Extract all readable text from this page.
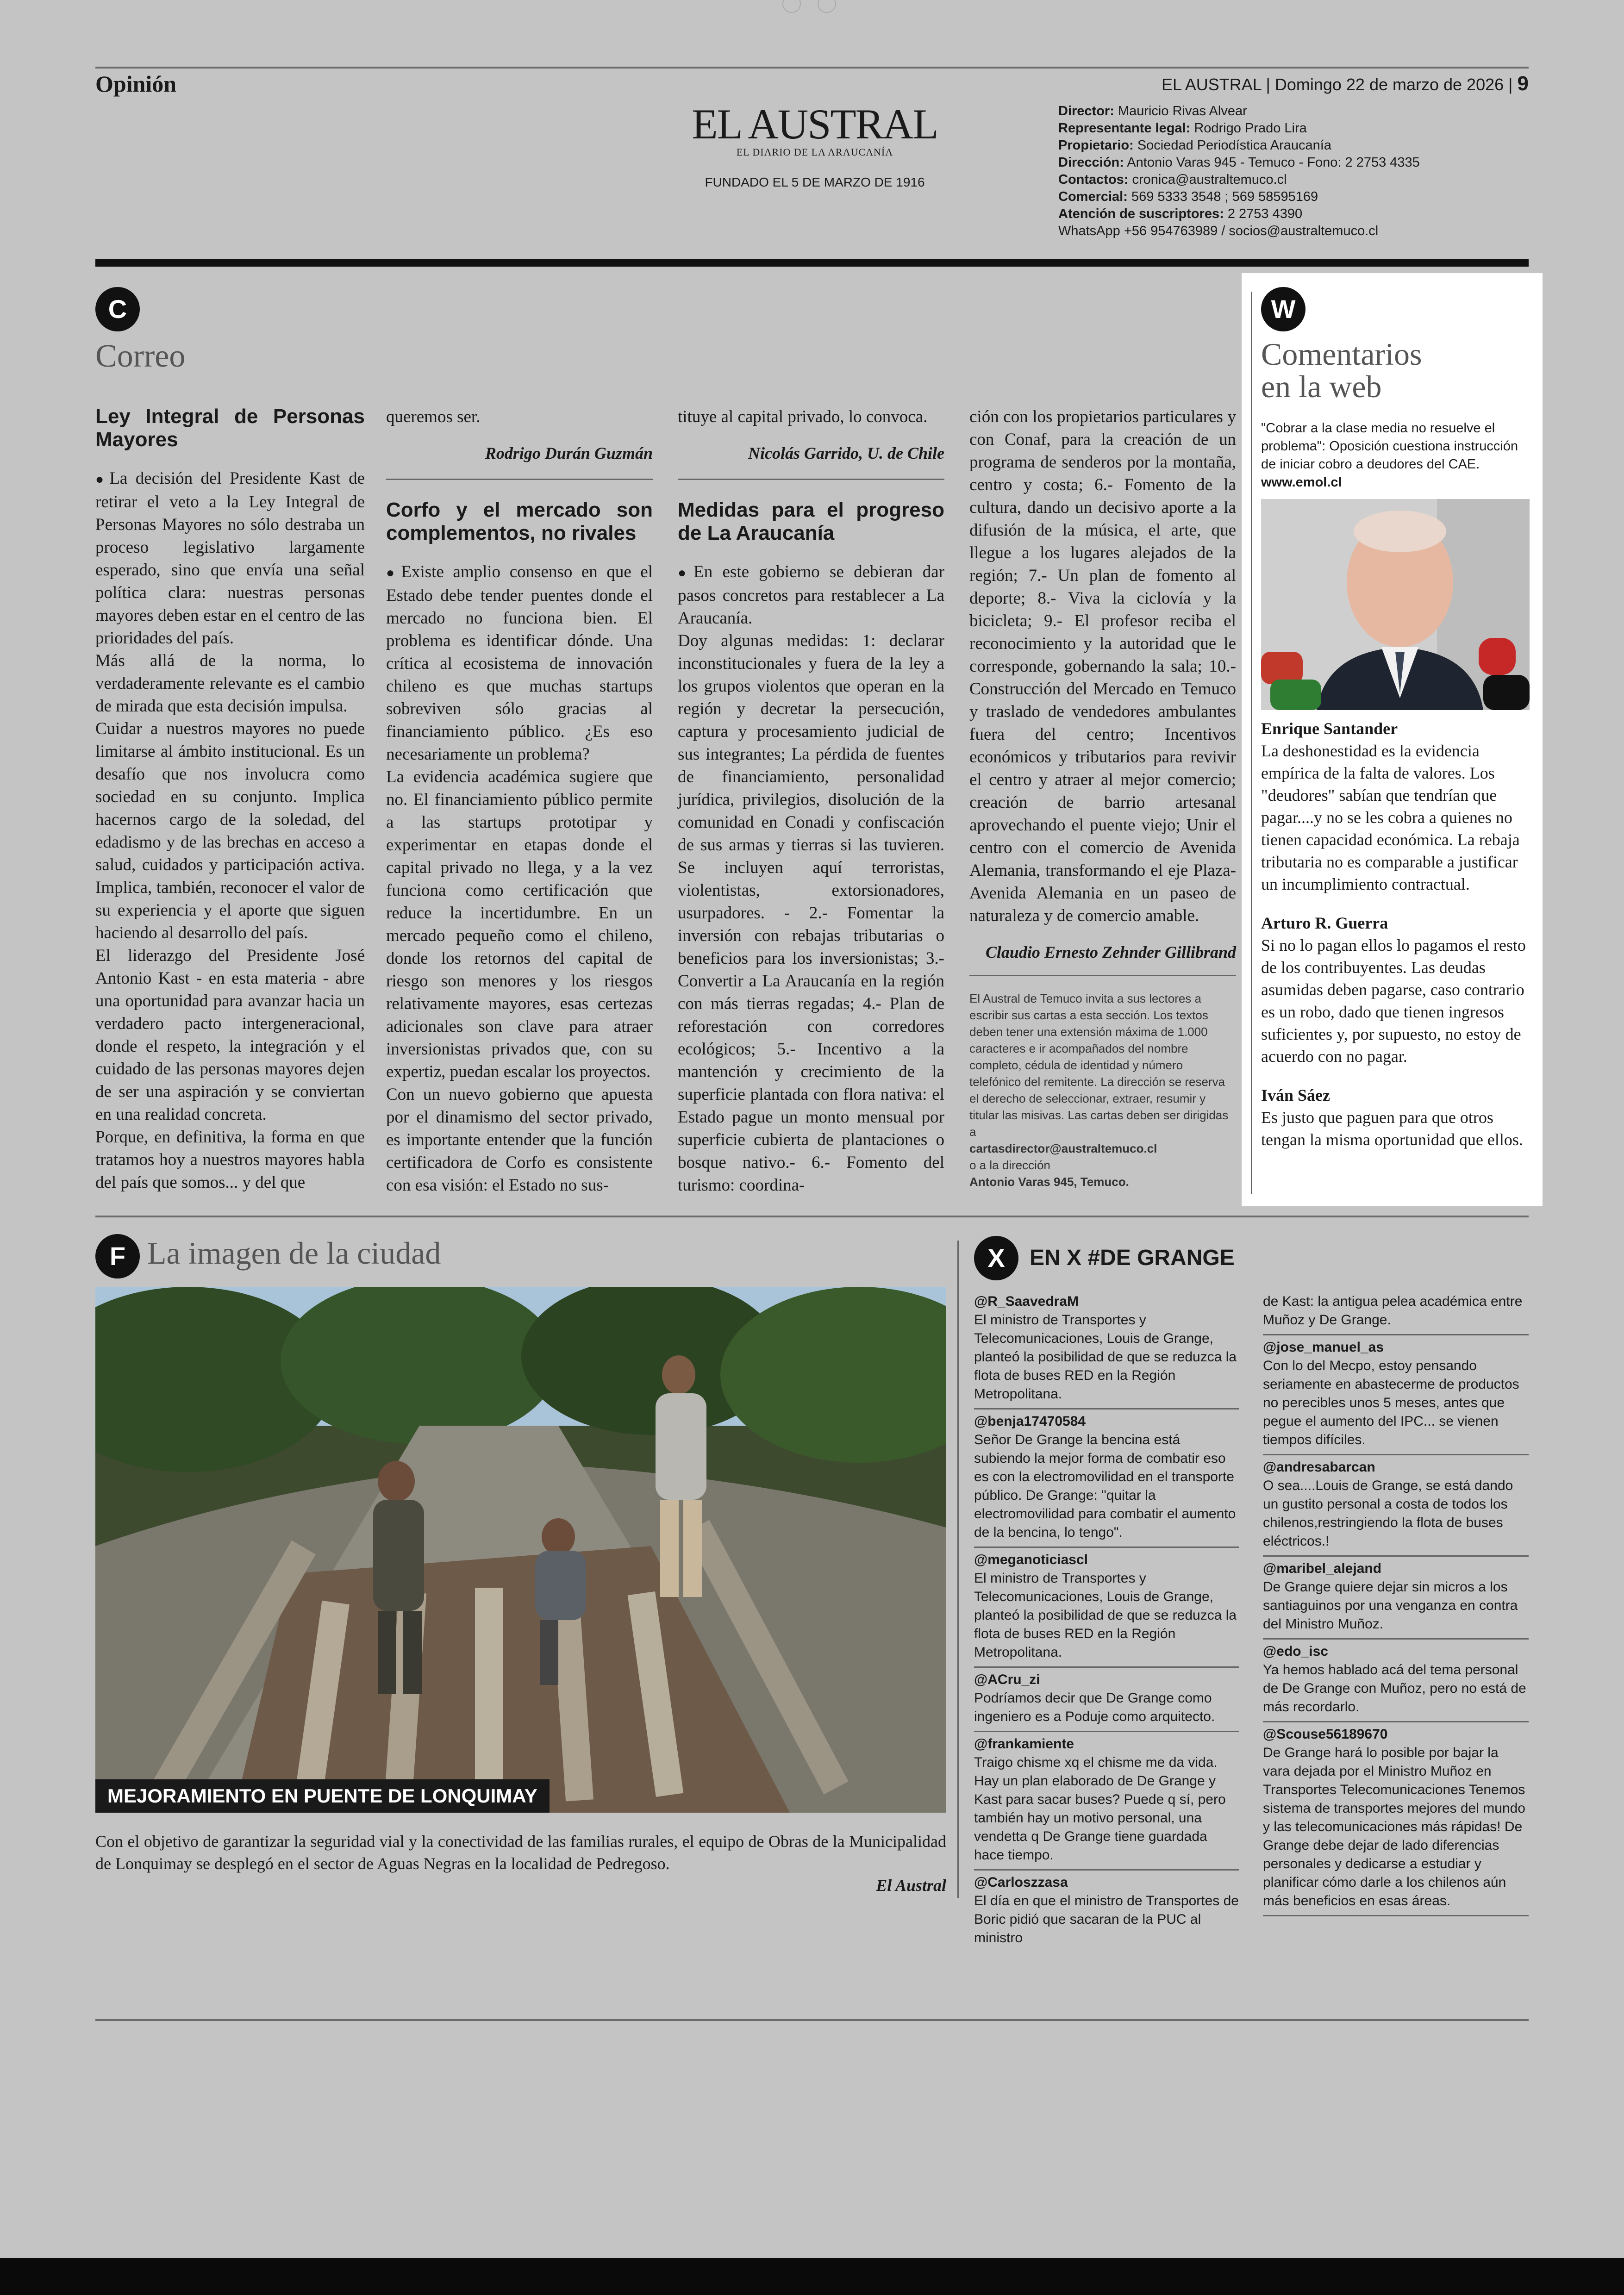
Opinión	EL AUSTRAL | Domingo 22 de marzo de 2026 | 9
EL AUSTRAL
EL DIARIO DE LA ARAUCANÍA
FUNDADO EL 5 DE MARZO DE 1916
Director: Mauricio Rivas Alvear
Representante legal: Rodrigo Prado Lira
Propietario: Sociedad Periodística Araucanía
Dirección: Antonio Varas 945 - Temuco - Fono: 2 2753 4335
Contactos: cronica@australtemuco.cl
Comercial: 569 5333 3548 ; 569 58595169
Atención de suscriptores: 2 2753 4390
WhatsApp +56 954763989 / socios@australtemuco.cl
C
Correo
Ley Integral de Personas Mayores

● La decisión del Presidente Kast de retirar el veto a la Ley Integral de Personas Mayores no sólo destraba un proceso legislativo largamente esperado, sino que envía una señal política clara: nuestras personas mayores deben estar en el centro de las prioridades del país.

Más allá de la norma, lo verdaderamente relevante es el cambio de mirada que esta decisión impulsa.

Cuidar a nuestros mayores no puede limitarse al ámbito institucional. Es un desafío que nos involucra como sociedad en su conjunto. Implica hacernos cargo de la soledad, del edadismo y de las brechas en acceso a salud, cuidados y participación activa. Implica, también, reconocer el valor de su experiencia y el aporte que siguen haciendo al desarrollo del país.

El liderazgo del Presidente José Antonio Kast - en esta materia - abre una oportunidad para avanzar hacia un verdadero pacto intergeneracional, donde el respeto, la integración y el cuidado de las personas mayores dejen de ser una aspiración y se conviertan en una realidad concreta.

Porque, en definitiva, la forma en que tratamos hoy a nuestros mayores habla del país que somos... y del que

queremos ser.

Rodrigo Durán Guzmán
Corfo y el mercado son complementos, no rivales

● Existe amplio consenso en que el Estado debe tender puentes donde el mercado no funciona bien. El problema es identificar dónde. Una crítica al ecosistema de innovación chileno es que muchas startups sobreviven sólo gracias al financiamiento público. ¿Es eso necesariamente un problema?

La evidencia académica sugiere que no. El financiamiento público permite a las startups prototipar y experimentar en etapas donde el capital privado no llega, y a la vez funciona como certificación que reduce la incertidumbre. En un mercado pequeño como el chileno, donde los retornos del capital de riesgo son menores y los riesgos relativamente mayores, esas certezas adicionales son clave para atraer inversionistas privados que, con su expertiz, puedan escalar los proyectos.

Con un nuevo gobierno que apuesta por el dinamismo del sector privado, es importante entender que la función certificadora de Corfo es consistente con esa visión: el Estado no sus-

tituye al capital privado, lo convoca.

Nicolás Garrido, U. de Chile
Medidas para el progreso de La Araucanía

● En este gobierno se debieran dar pasos concretos para restablecer a La Araucanía.

Doy algunas medidas: 1: declarar inconstitucionales y fuera de la ley a los grupos violentos que operan en la región y decretar la persecución, captura y procesamiento judicial de sus integrantes; La pérdida de fuentes de financiamiento, personalidad jurídica, privilegios, disolución de la comunidad en Conadi y confiscación de sus armas y tierras si las tuvieren. Se incluyen aquí terroristas, violentistas, extorsionadores, usurpadores. - 2.- Fomentar la inversión con rebajas tributarias o beneficios para los inversionistas; 3.- Convertir a La Araucanía en la región con más tierras regadas; 4.- Plan de reforestación con corredores ecológicos; 5.- Incentivo a la mantención y crecimiento de la superficie plantada con flora nativa: el Estado pague un monto mensual por superficie cubierta de plantaciones o bosque nativo.- 6.- Fomento del turismo: coordina-

ción con los propietarios particulares y con Conaf, para la creación de un programa de senderos por la montaña, centro y costa; 6.- Fomento de la cultura, dando un decisivo aporte a la difusión de la música, el arte, que llegue a los lugares alejados de la región; 7.- Un plan de fomento al deporte; 8.- Viva la ciclovía y la bicicleta; 9.- El profesor reciba el reconocimiento y la autoridad que le corresponde, gobernando la sala; 10.- Construcción del Mercado en Temuco y traslado de vendedores ambulantes fuera del centro; Incentivos económicos y tributarios para revivir el centro y atraer al mejor comercio; creación de barrio artesanal aprovechando el puente viejo; Unir el centro con el comercio de Avenida Alemania, transformando el eje Plaza-Avenida Alemania en un paseo de naturaleza y de comercio amable.

Claudio Ernesto Zehnder Gillibrand
El Austral de Temuco invita a sus lectores a escribir sus cartas a esta sección. Los textos deben tener una extensión máxima de 1.000 caracteres e ir acompañados del nombre completo, cédula de identidad y número telefónico del remitente. La dirección se reserva el derecho de seleccionar, extraer, resumir y titular las misivas. Las cartas deben ser dirigidas a
cartasdirector@australtemuco.cl
o a la dirección
Antonio Varas 945, Temuco.
W
Comentarios
en la web
"Cobrar a la clase media no resuelve el problema": Oposición cuestiona instrucción de iniciar cobro a deudores del CAE. www.emol.cl
Enrique Santander

La deshonestidad es la evidencia empírica de la falta de valores. Los "deudores" sabían que tendrían que pagar....y no se les cobra a quienes no tienen capacidad económica. La rebaja tributaria no es comparable a justificar un incumplimiento contractual.

Arturo R. Guerra

Si no lo pagan ellos lo pagamos el resto de los contribuyentes. Las deudas asumidas deben pagarse, caso contrario es un robo, dado que tienen ingresos suficientes y, por supuesto, no estoy de acuerdo con no pagar.

Iván Sáez

Es justo que paguen para que otros tengan la misma oportunidad que ellos.

F La imagen de la ciudad
MEJORAMIENTO EN PUENTE DE LONQUIMAY
Con el objetivo de garantizar la seguridad vial y la conectividad de las familias rurales, el equipo de Obras de la Municipalidad de Lonquimay se desplegó en el sector de Aguas Negras en la localidad de Pedregoso.
El Austral
X	EN X #DE GRANGE
@R_SaavedraM
El ministro de Transportes y Telecomunicaciones, Louis de Grange, planteó la posibilidad de que se reduzca la flota de buses RED en la Región Metropolitana.
@benja17470584
Señor De Grange la bencina está subiendo la mejor forma de combatir eso es con la electromovilidad en el transporte público. De Grange: "quitar la electromovilidad para combatir el aumento de la bencina, lo tengo".
@meganoticiascl
El ministro de Transportes y Telecomunicaciones, Louis de Grange, planteó la posibilidad de que se reduzca la flota de buses RED en la Región Metropolitana.
@ACru_zi
Podríamos decir que De Grange como ingeniero es a Poduje como arquitecto.
@frankamiente
Traigo chisme xq el chisme me da vida. Hay un plan elaborado de De Grange y Kast para sacar buses? Puede q sí, pero también hay un motivo personal, una vendetta q De Grange tiene guardada hace tiempo.
@Carloszzasa
El día en que el ministro de Transportes de Boric pidió que sacaran de la PUC al ministro
de Kast: la antigua pelea académica entre Muñoz y De Grange.
@jose_manuel_as
Con lo del Mecpo, estoy pensando seriamente en abastecerme de productos no perecibles unos 5 meses, antes que pegue el aumento del IPC... se vienen tiempos difíciles.
@andresabarcan
O sea....Louis de Grange, se está dando un gustito personal a costa de todos los chilenos,restringiendo la flota de buses eléctricos.!
@maribel_alejand
De Grange quiere dejar sin micros a los santiaguinos por una venganza en contra del Ministro Muñoz.
@edo_isc
Ya hemos hablado acá del tema personal de De Grange con Muñoz, pero no está de más recordarlo.
@Scouse56189670
De Grange hará lo posible por bajar la vara dejada por el Ministro Muñoz en Transportes Telecomunicaciones Tenemos sistema de transportes mejores del mundo y las telecomunicaciones más rápidas! De Grange debe dejar de lado diferencias personales y dedicarse a estudiar y planificar cómo darle a los chilenos aún más beneficios en esas áreas.
